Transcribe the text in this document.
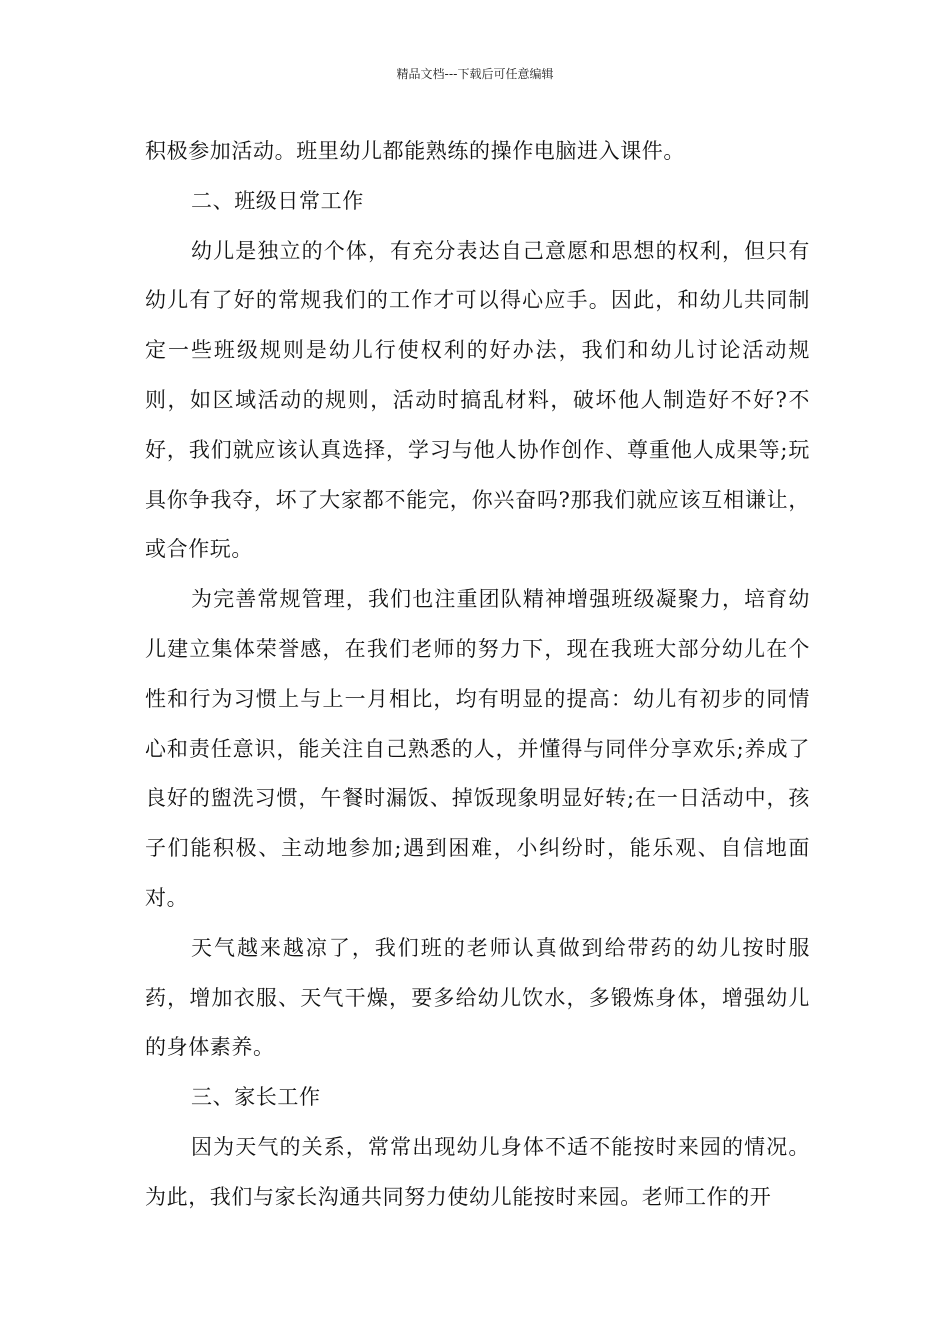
精品文档---下载后可任意编辑

积极参加活动。班里幼儿都能熟练的操作电脑进入课件。

二、班级日常工作

幼儿是独立的个体，有充分表达自己意愿和思想的权利，但只有幼儿有了好的常规我们的工作才可以得心应手。因此，和幼儿共同制定一些班级规则是幼儿行使权利的好办法，我们和幼儿讨论活动规则，如区域活动的规则，活动时搞乱材料，破坏他人制造好不好?不好，我们就应该认真选择，学习与他人协作创作、尊重他人成果等;玩具你争我夺，坏了大家都不能完，你兴奋吗?那我们就应该互相谦让，或合作玩。

为完善常规管理，我们也注重团队精神增强班级凝聚力，培育幼儿建立集体荣誉感，在我们老师的努力下，现在我班大部分幼儿在个性和行为习惯上与上一月相比，均有明显的提高：幼儿有初步的同情心和责任意识，能关注自己熟悉的人，并懂得与同伴分享欢乐;养成了良好的盥洗习惯，午餐时漏饭、掉饭现象明显好转;在一日活动中，孩子们能积极、主动地参加;遇到困难，小纠纷时，能乐观、自信地面对。

天气越来越凉了，我们班的老师认真做到给带药的幼儿按时服药，增加衣服、天气干燥，要多给幼儿饮水，多锻炼身体，增强幼儿的身体素养。

三、家长工作

因为天气的关系，常常出现幼儿身体不适不能按时来园的情况。为此，我们与家长沟通共同努力使幼儿能按时来园。老师工作的开
